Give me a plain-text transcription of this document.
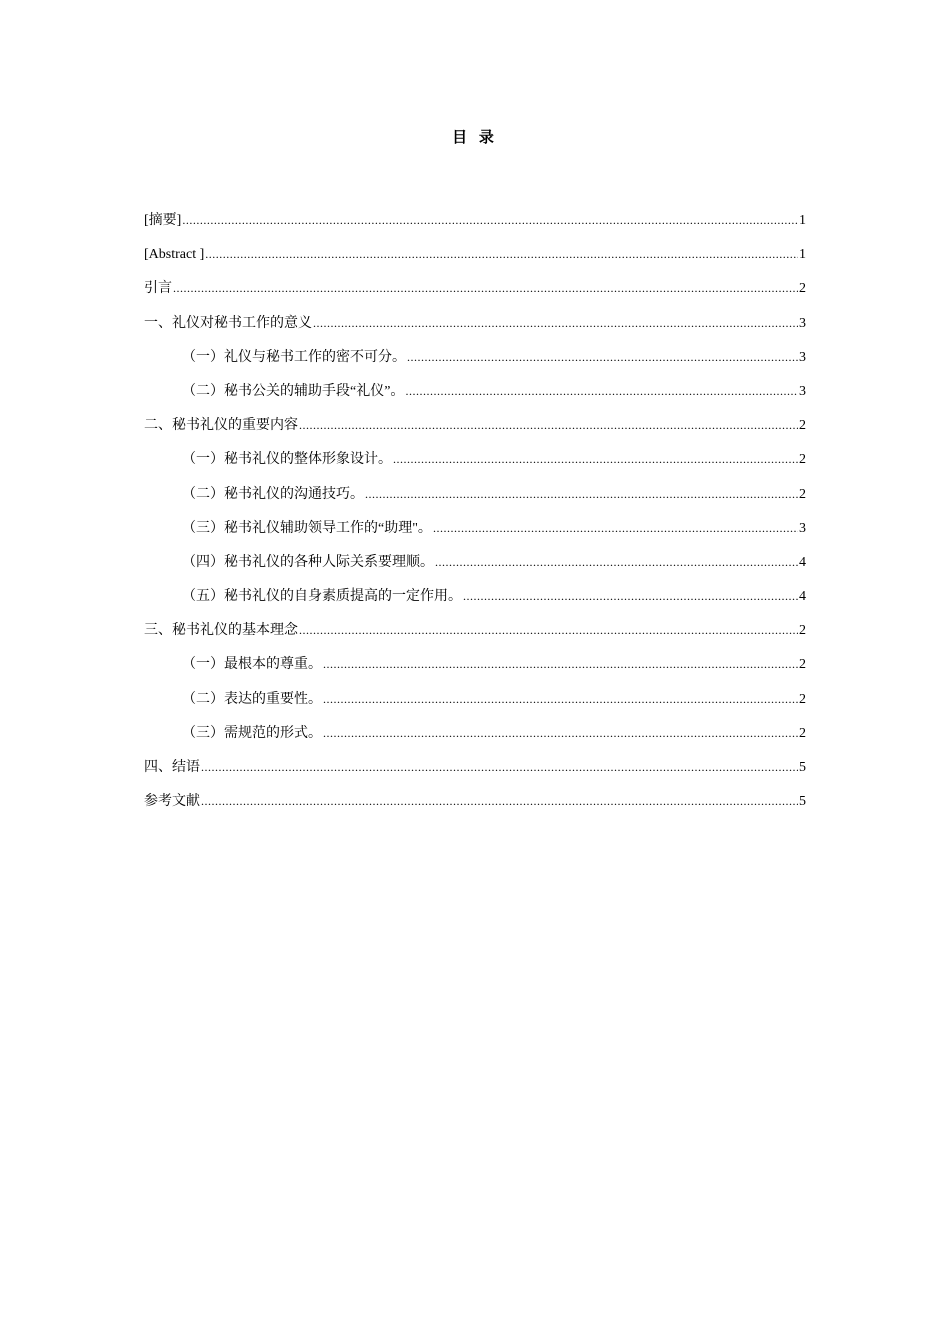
目 录
[摘要] .....	1
[Abstract ] .....	1
引言 .....	2
一、礼仪对秘书工作的意义 .....	3
（一）礼仪与秘书工作的密不可分。 .....	3
（二）秘书公关的辅助手段“礼仪”。 .....	3
二、秘书礼仪的重要内容 .....	2
（一）秘书礼仪的整体形象设计。 .....	2
（二）秘书礼仪的沟通技巧。 .....	2
（三）秘书礼仪辅助领导工作的“助理"。 .....	3
（四）秘书礼仪的各种人际关系要理顺。 .....	4
（五）秘书礼仪的自身素质提高的一定作用。 .....	4
三、秘书礼仪的基本理念 .....	2
（一）最根本的尊重。 .....	2
（二）表达的重要性。 .....	2
（三）需规范的形式。 .....	2
四、结语 .....	5
参考文献 .....	5
